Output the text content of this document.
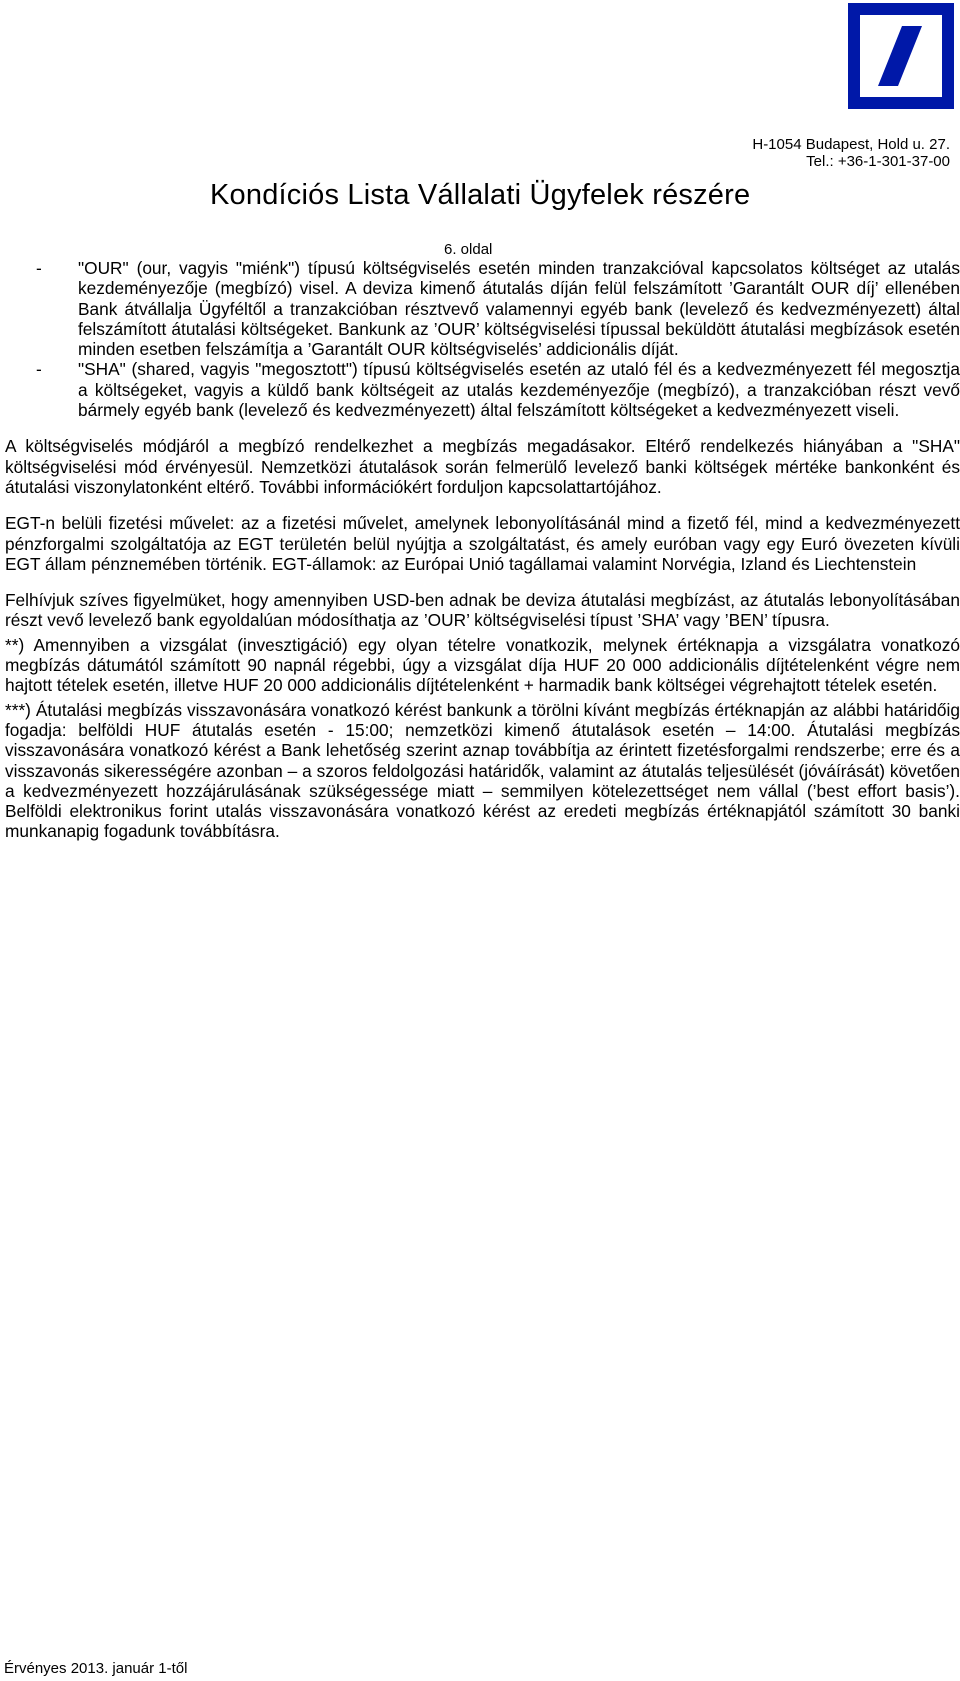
H-1054 Budapest, Hold u. 27.
Tel.: +36-1-301-37-00
Kondíciós Lista Vállalati Ügyfelek részére
6. oldal

- "OUR" (our, vagyis "miénk") típusú költségviselés esetén minden tranzakcióval kapcsolatos költséget az utalás kezdeményezője (megbízó) visel. A deviza kimenő átutalás díján felül felszámított ’Garantált OUR díj’ ellenében Bank átvállalja Ügyféltől a tranzakcióban résztvevő valamennyi egyéb bank (levelező és kedvezményezett) által felszámított átutalási költségeket. Bankunk az ’OUR’ költségviselési típussal beküldött átutalási megbízások esetén minden esetben felszámítja a ’Garantált OUR költségviselés’ addicionális díját.

- "SHA" (shared, vagyis "megosztott") típusú költségviselés esetén az utaló fél és a kedvezményezett fél megosztja a költségeket, vagyis a küldő bank költségeit az utalás kezdeményezője (megbízó), a tranzakcióban részt vevő bármely egyéb bank (levelező és kedvezményezett) által felszámított költségeket a kedvezményezett viseli.

A költségviselés módjáról a megbízó rendelkezhet a megbízás megadásakor. Eltérő rendelkezés hiányában a "SHA" költségviselési mód érvényesül. Nemzetközi átutalások során felmerülő levelező banki költségek mértéke bankonként és átutalási viszonylatonként eltérő. További információkért forduljon kapcsolattartójához.

EGT-n belüli fizetési művelet: az a fizetési művelet, amelynek lebonyolításánál mind a fizető fél, mind a kedvezményezett pénzforgalmi szolgáltatója az EGT területén belül nyújtja a szolgáltatást, és amely euróban vagy egy Euró övezeten kívüli EGT állam pénznemében történik. EGT-államok: az Európai Unió tagállamai valamint Norvégia, Izland és Liechtenstein

Felhívjuk szíves figyelmüket, hogy amennyiben USD-ben adnak be deviza átutalási megbízást, az átutalás lebonyolításában részt vevő levelező bank egyoldalúan módosíthatja az ’OUR’ költségviselési típust ’SHA’ vagy ’BEN’ típusra.

**) Amennyiben a vizsgálat (invesztigáció) egy olyan tételre vonatkozik, melynek értéknapja a vizsgálatra vonatkozó megbízás dátumától számított 90 napnál régebbi, úgy a vizsgálat díja HUF 20 000 addicionális díjtételenként végre nem hajtott tételek esetén, illetve HUF 20 000 addicionális díjtételenként + harmadik bank költségei végrehajtott tételek esetén.

***) Átutalási megbízás visszavonására vonatkozó kérést bankunk a törölni kívánt megbízás értéknapján az alábbi határidőig fogadja: belföldi HUF átutalás esetén - 15:00; nemzetközi kimenő átutalások esetén – 14:00. Átutalási megbízás visszavonására vonatkozó kérést a Bank lehetőség szerint aznap továbbítja az érintett fizetésforgalmi rendszerbe; erre és a visszavonás sikerességére azonban – a szoros feldolgozási határidők, valamint az átutalás teljesülését (jóváírását) követően a kedvezményezett hozzájárulásának szükségessége miatt – semmilyen kötelezettséget nem vállal (’best effort basis’). Belföldi elektronikus forint utalás visszavonására vonatkozó kérést az eredeti megbízás értéknapjától számított 30 banki munkanapig fogadunk továbbításra.

Érvényes 2013. január 1-től
